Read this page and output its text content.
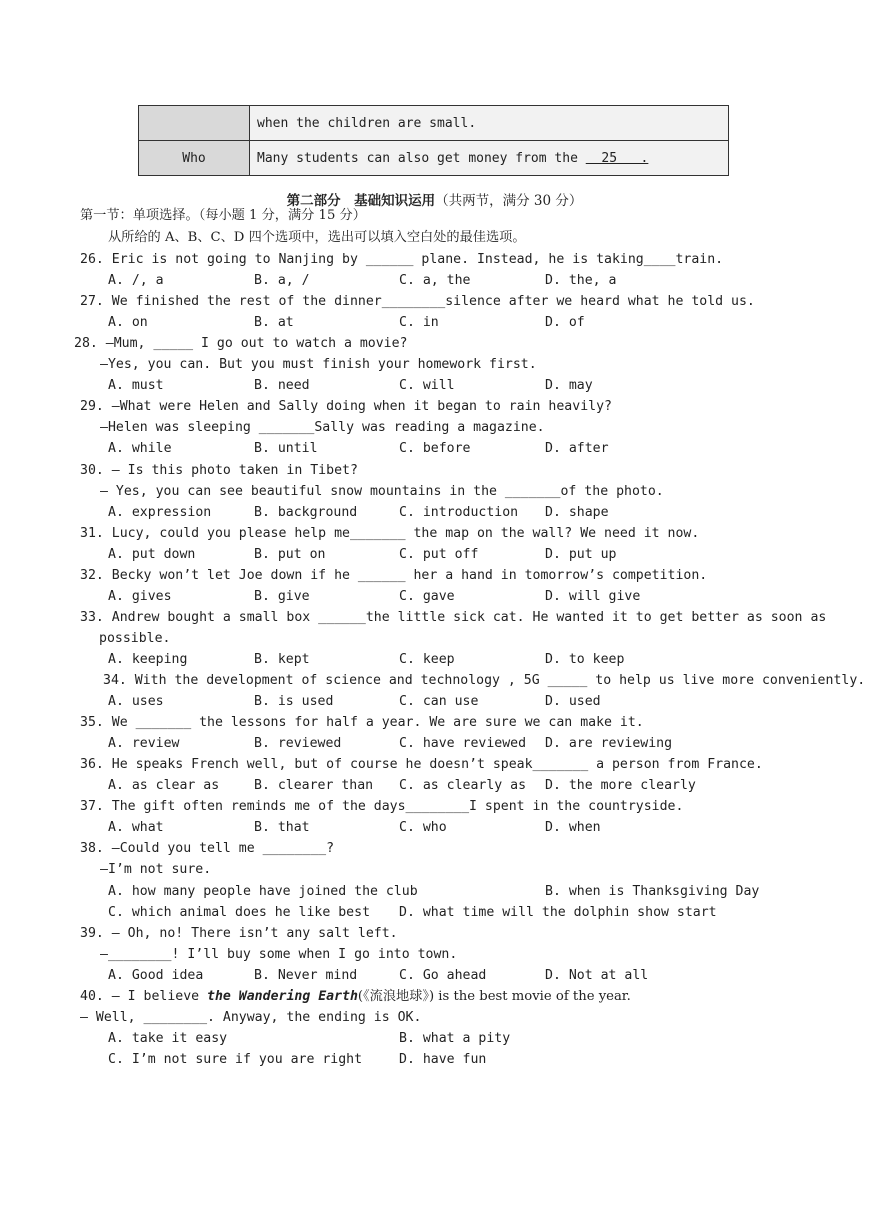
	when the children are small.
Who	Many students can also get money from the   25   .
第二部分　基础知识运用（共两节，满分 30 分）
第一节：单项选择。（每小题 1 分，满分 15 分）
从所给的 A、B、C、D 四个选项中，选出可以填入空白处的最佳选项。
26. Eric is not going to Nanjing by ______ plane. Instead, he is taking____train.
A. /, a	B. a, /	C. a, the	D. the, a
27. We finished the rest of the dinner________silence after we heard what he told us.
A. on	B. at	C. in	D. of
28. —Mum, _____ I go out to watch a movie?
—Yes, you can. But you must finish your homework first.
A. must	B. need	C. will	D. may
29. —What were Helen and Sally doing when it began to rain heavily?
—Helen was sleeping _______Sally was reading a magazine.
A. while	B. until	C. before	D. after
30. — Is this photo taken in Tibet?
— Yes, you can see beautiful snow mountains in the _______of the photo.
A. expression	B. background	C. introduction D. shape
31. Lucy, could you please help me_______ the map on the wall? We need it now.
A. put down	B. put on	C. put off	D. put up
32. Becky won’t let Joe down if he ______ her a hand in tomorrow’s competition.
A. gives	B. give	C. gave	D. will give
33. Andrew bought a small box ______the little sick cat. He wanted it to get better as soon as
possible.
A. keeping	B. kept	C. keep	D. to keep
34. With the development of science and technology , 5G _____ to help us live more conveniently.
A. uses	B. is used	C. can use	D. used
35. We _______ the lessons for half a year. We are sure we can make it.
A. review	B. reviewed	C. have reviewed D. are reviewing
36. He speaks French well, but of course he doesn’t speak_______ a person from France.
A. as clear as	B. clearer than C. as clearly as D. the more clearly
37. The gift often reminds me of the days________I spent in the countryside.
A. what	B. that	C. who	D. when
38. —Could you tell me ________?
—I’m not sure.
A. how many people have joined the club	B. when is Thanksgiving Day
C. which animal does he like best D. what time will the dolphin show start
39. — Oh, no! There isn’t any salt left.
—________! I’ll buy some when I go into town.
A. Good idea	B. Never mind	C. Go ahead	D. Not at all
40. — I believe the Wandering Earth(《流浪地球》) is the best movie of the year.
— Well, ________. Anyway, the ending is OK.
A. take it easy	B. what a pity
C. I’m not sure if you are right	D. have fun
